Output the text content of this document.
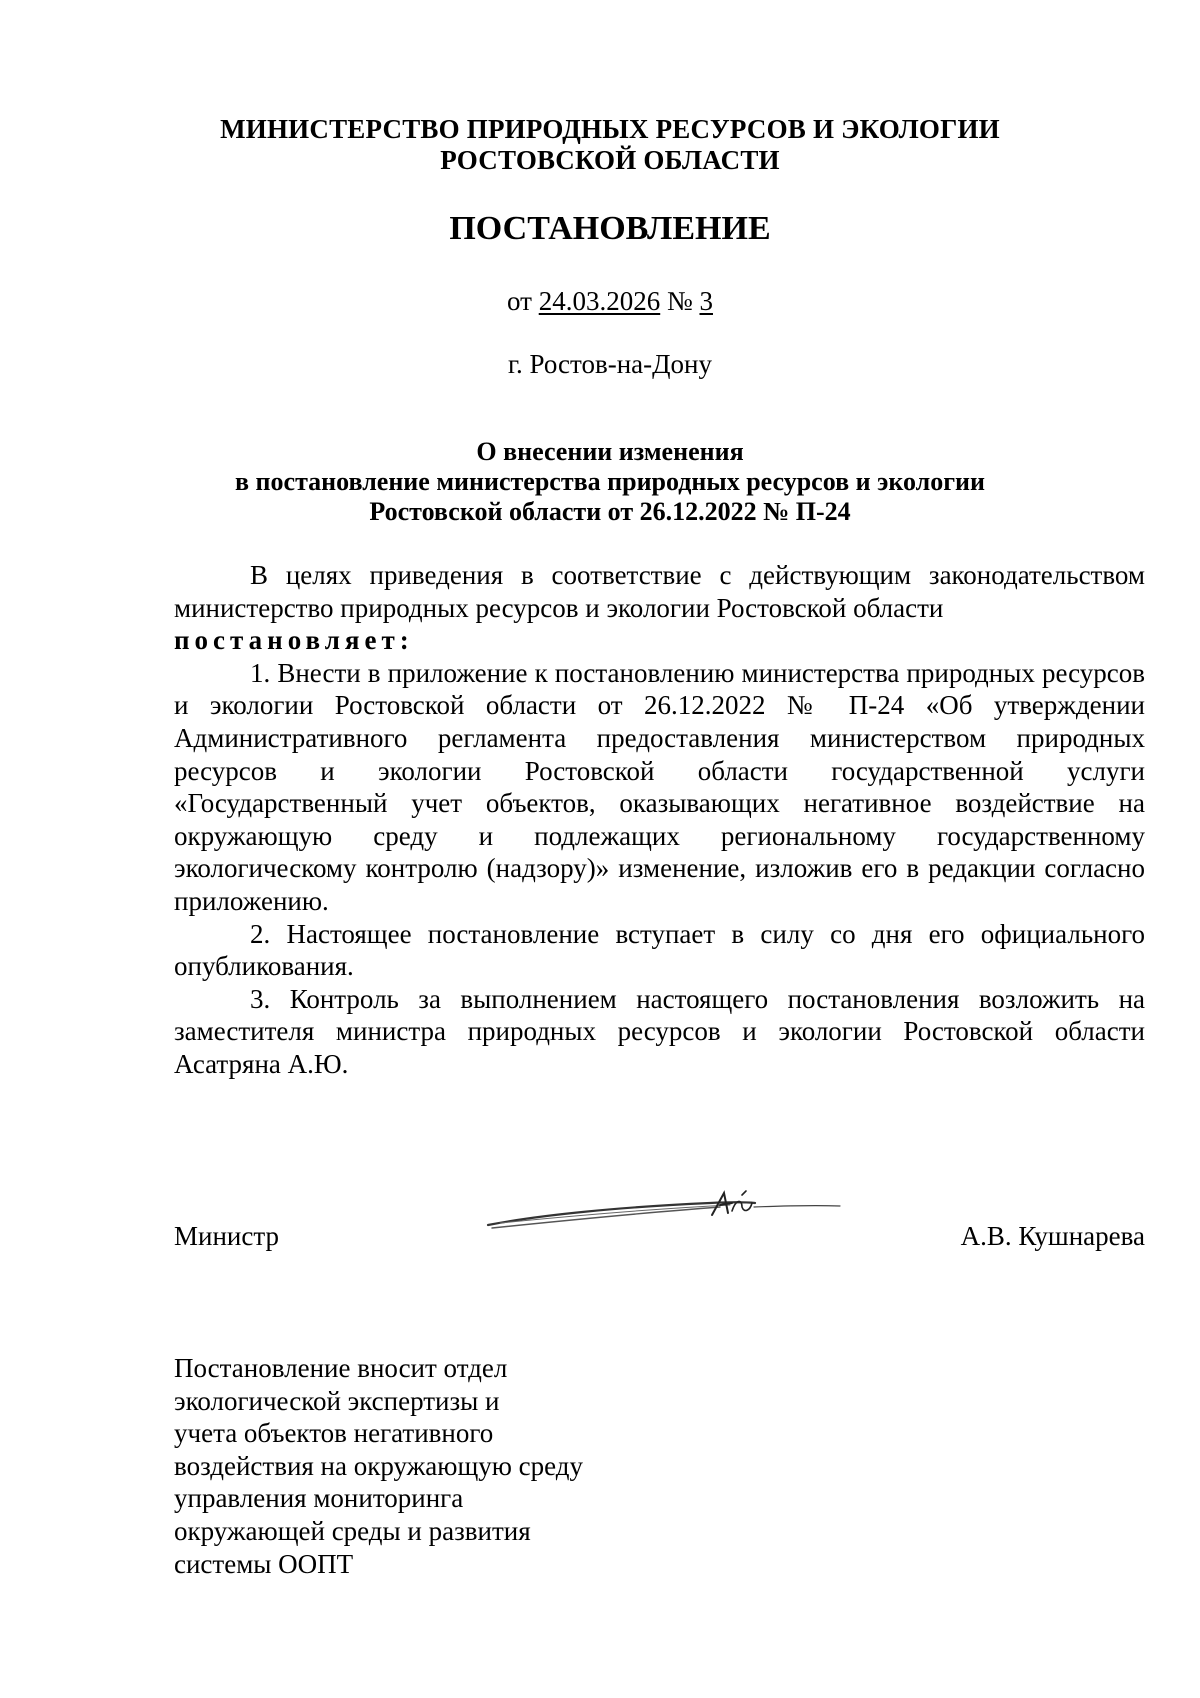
МИНИСТЕРСТВО ПРИРОДНЫХ РЕСУРСОВ И ЭКОЛОГИИ
РОСТОВСКОЙ ОБЛАСТИ
ПОСТАНОВЛЕНИЕ
от 24.03.2026 № 3
г. Ростов-на-Дону
О внесении изменения
в постановление министерства природных ресурсов и экологии
Ростовской области от 26.12.2022 № П-24

В целях приведения в соответствие с действующим законодательством министерство природных ресурсов и экологии Ростовской области

постановляет:

1. Внести в приложение к постановлению министерства природных ресурсов и экологии Ростовской области от 26.12.2022 № П-24 «Об утверждении Административного регламента предоставления министерством природных ресурсов и экологии Ростовской области государственной услуги «Государственный учет объектов, оказывающих негативное воздействие на окружающую среду и подлежащих региональному государственному экологическому контролю (надзору)» изменение, изложив его в редакции согласно приложению.

2. Настоящее постановление вступает в силу со дня его официального опубликования.

3. Контроль за выполнением настоящего постановления возложить на заместителя министра природных ресурсов и экологии Ростовской области Асатряна А.Ю.

Министр	А.В. Кушнарева
Постановление вносит отдел
экологической экспертизы и
учета объектов негативного
воздействия на окружающую среду
управления мониторинга
окружающей среды и развития
системы ООПТ
